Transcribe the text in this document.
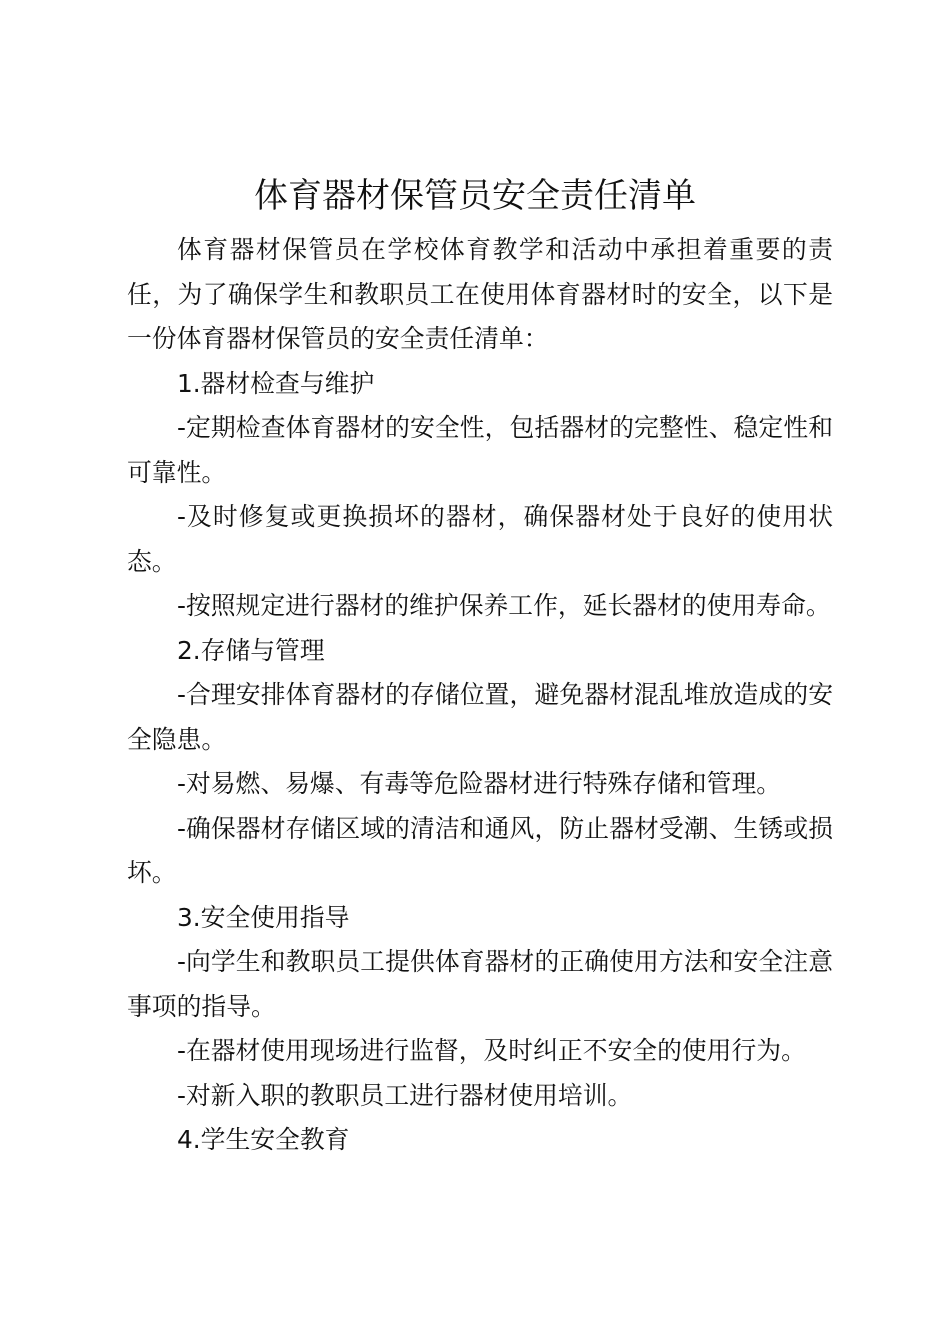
体育器材保管员安全责任清单

体育器材保管员在学校体育教学和活动中承担着重要的责任，为了确保学生和教职员工在使用体育器材时的安全，以下是一份体育器材保管员的安全责任清单：

1.器材检查与维护

-定期检查体育器材的安全性，包括器材的完整性、稳定性和可靠性。

-及时修复或更换损坏的器材，确保器材处于良好的使用状态。

-按照规定进行器材的维护保养工作，延长器材的使用寿命。

2.存储与管理

-合理安排体育器材的存储位置，避免器材混乱堆放造成的安全隐患。

-对易燃、易爆、有毒等危险器材进行特殊存储和管理。

-确保器材存储区域的清洁和通风，防止器材受潮、生锈或损坏。

3.安全使用指导

-向学生和教职员工提供体育器材的正确使用方法和安全注意事项的指导。

-在器材使用现场进行监督，及时纠正不安全的使用行为。

-对新入职的教职员工进行器材使用培训。

4.学生安全教育
